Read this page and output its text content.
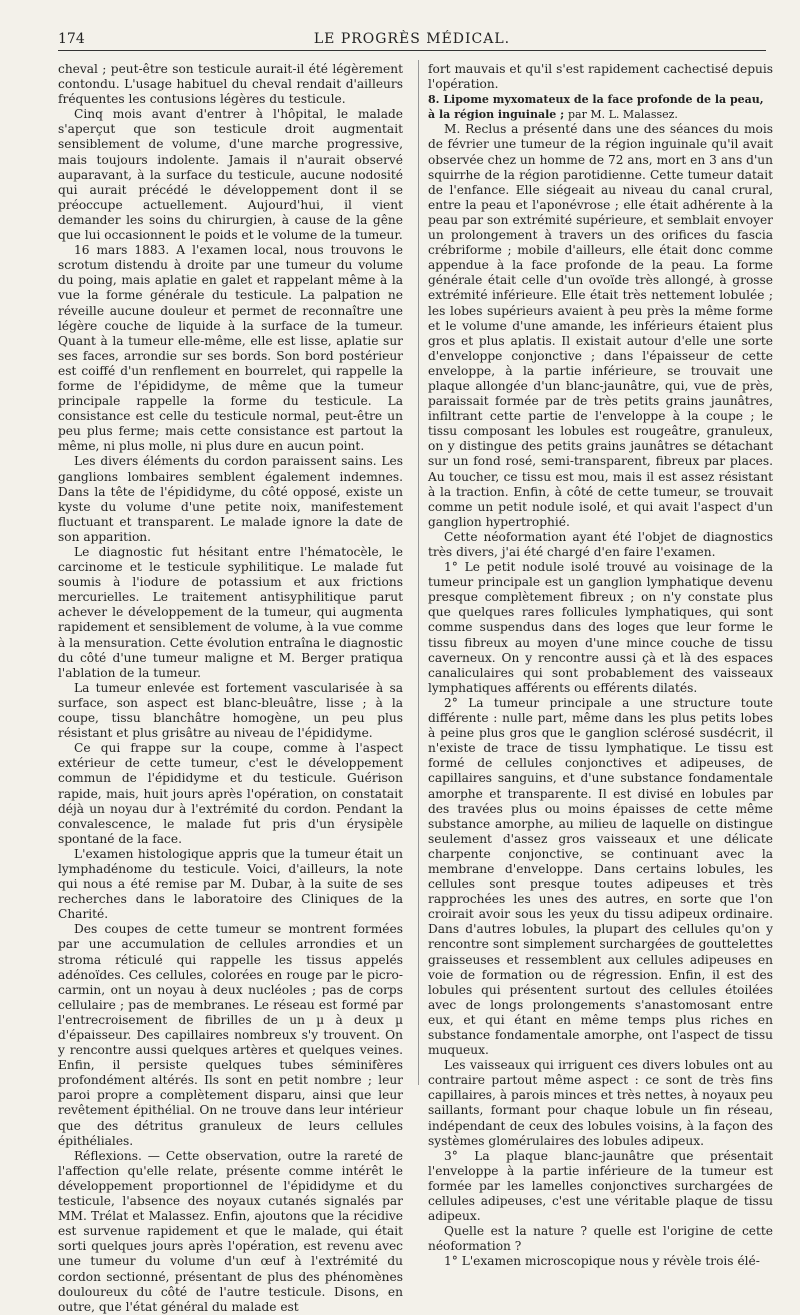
174	LE PROGRÈS MÉDICAL.

cheval ; peut-être son testicule aurait-il été légèrement contondu. L'usage habituel du cheval rendait d'ailleurs fréquentes les contusions légères du testicule.

Cinq mois avant d'entrer à l'hôpital, le malade s'aperçut que son testicule droit augmentait sensiblement de volume, d'une marche progressive, mais toujours indolente. Jamais il n'aurait observé auparavant, à la surface du testicule, aucune nodosité qui aurait précédé le développement dont il se préoccupe actuellement. Aujourd'hui, il vient demander les soins du chirurgien, à cause de la gêne que lui occasionnent le poids et le volume de la tumeur.

16 mars 1883. A l'examen local, nous trouvons le scrotum distendu à droite par une tumeur du volume du poing, mais aplatie en galet et rappelant même à la vue la forme générale du testicule. La palpation ne réveille aucune douleur et permet de reconnaître une légère couche de liquide à la surface de la tumeur. Quant à la tumeur elle-même, elle est lisse, aplatie sur ses faces, arrondie sur ses bords. Son bord postérieur est coiffé d'un renflement en bourrelet, qui rappelle la forme de l'épididyme, de même que la tumeur principale rappelle la forme du testicule. La consistance est celle du testicule normal, peut-être un peu plus ferme; mais cette consistance est partout la même, ni plus molle, ni plus dure en aucun point.

Les divers éléments du cordon paraissent sains. Les ganglions lombaires semblent également indemnes. Dans la tête de l'épididyme, du côté opposé, existe un kyste du volume d'une petite noix, manifestement fluctuant et transparent. Le malade ignore la date de son apparition.

Le diagnostic fut hésitant entre l'hématocèle, le carcinome et le testicule syphilitique. Le malade fut soumis à l'iodure de potassium et aux frictions mercurielles. Le traitement antisyphilitique parut achever le développement de la tumeur, qui augmenta rapidement et sensiblement de volume, à la vue comme à la mensuration. Cette évolution entraîna le diagnostic du côté d'une tumeur maligne et M. Berger pratiqua l'ablation de la tumeur.

La tumeur enlevée est fortement vascularisée à sa surface, son aspect est blanc-bleuâtre, lisse ; à la coupe, tissu blanchâtre homogène, un peu plus résistant et plus grisâtre au niveau de l'épididyme.

Ce qui frappe sur la coupe, comme à l'aspect extérieur de cette tumeur, c'est le développement commun de l'épididyme et du testicule. Guérison rapide, mais, huit jours après l'opération, on constatait déjà un noyau dur à l'extrémité du cordon. Pendant la convalescence, le malade fut pris d'un érysipèle spontané de la face.

L'examen histologique appris que la tumeur était un lymphadénome du testicule. Voici, d'ailleurs, la note qui nous a été remise par M. Dubar, à la suite de ses recherches dans le laboratoire des Cliniques de la Charité.

Des coupes de cette tumeur se montrent formées par une accumulation de cellules arrondies et un stroma réticulé qui rappelle les tissus appelés adénoïdes. Ces cellules, colorées en rouge par le picro-carmin, ont un noyau à deux nucléoles ; pas de corps cellulaire ; pas de membranes. Le réseau est formé par l'entrecroisement de fibrilles de un µ à deux µ d'épaisseur. Des capillaires nombreux s'y trouvent. On y rencontre aussi quelques artères et quelques veines. Enfin, il persiste quelques tubes séminifères profondément altérés. Ils sont en petit nombre ; leur paroi propre a complètement disparu, ainsi que leur revêtement épithélial. On ne trouve dans leur intérieur que des détritus granuleux de leurs cellules épithéliales.

Réflexions. — Cette observation, outre la rareté de l'affection qu'elle relate, présente comme intérêt le développement proportionnel de l'épididyme et du testicule, l'absence des noyaux cutanés signalés par MM. Trélat et Malassez. Enfin, ajoutons que la récidive est survenue rapidement et que le malade, qui était sorti quelques jours après l'opération, est revenu avec une tumeur du volume d'un œuf à l'extrémité du cordon sectionné, présentant de plus des phénomènes douloureux du côté de l'autre testicule. Disons, en outre, que l'état général du malade est

fort mauvais et qu'il s'est rapidement cachectisé depuis l'opération.

8. Lipome myxomateux de la face profonde de la peau, à la région inguinale ; par M. L. Malassez.

M. Reclus a présenté dans une des séances du mois de février une tumeur de la région inguinale qu'il avait observée chez un homme de 72 ans, mort en 3 ans d'un squirrhe de la région parotidienne. Cette tumeur datait de l'enfance. Elle siégeait au niveau du canal crural, entre la peau et l'aponévrose ; elle était adhérente à la peau par son extrémité supérieure, et semblait envoyer un prolongement à travers un des orifices du fascia crébriforme ; mobile d'ailleurs, elle était donc comme appendue à la face profonde de la peau. La forme générale était celle d'un ovoïde très allongé, à grosse extrémité inférieure. Elle était très nettement lobulée ; les lobes supérieurs avaient à peu près la même forme et le volume d'une amande, les inférieurs étaient plus gros et plus aplatis. Il existait autour d'elle une sorte d'enveloppe conjonctive ; dans l'épaisseur de cette enveloppe, à la partie inférieure, se trouvait une plaque allongée d'un blanc-jaunâtre, qui, vue de près, paraissait formée par de très petits grains jaunâtres, infiltrant cette partie de l'enveloppe à la coupe ; le tissu composant les lobules est rougeâtre, granuleux, on y distingue des petits grains jaunâtres se détachant sur un fond rosé, semi-transparent, fibreux par places. Au toucher, ce tissu est mou, mais il est assez résistant à la traction. Enfin, à côté de cette tumeur, se trouvait comme un petit nodule isolé, et qui avait l'aspect d'un ganglion hypertrophié.

Cette néoformation ayant été l'objet de diagnostics très divers, j'ai été chargé d'en faire l'examen.

1° Le petit nodule isolé trouvé au voisinage de la tumeur principale est un ganglion lymphatique devenu presque complètement fibreux ; on n'y constate plus que quelques rares follicules lymphatiques, qui sont comme suspendus dans des loges que leur forme le tissu fibreux au moyen d'une mince couche de tissu caverneux. On y rencontre aussi çà et là des espaces canaliculaires qui sont probablement des vaisseaux lymphatiques afférents ou efférents dilatés.

2° La tumeur principale a une structure toute différente : nulle part, même dans les plus petits lobes à peine plus gros que le ganglion sclérosé susdécrit, il n'existe de trace de tissu lymphatique. Le tissu est formé de cellules conjonctives et adipeuses, de capillaires sanguins, et d'une substance fondamentale amorphe et transparente. Il est divisé en lobules par des travées plus ou moins épaisses de cette même substance amorphe, au milieu de laquelle on distingue seulement d'assez gros vaisseaux et une délicate charpente conjonctive, se continuant avec la membrane d'enveloppe. Dans certains lobules, les cellules sont presque toutes adipeuses et très rapprochées les unes des autres, en sorte que l'on croirait avoir sous les yeux du tissu adipeux ordinaire. Dans d'autres lobules, la plupart des cellules qu'on y rencontre sont simplement surchargées de gouttelettes graisseuses et ressemblent aux cellules adipeuses en voie de formation ou de régression. Enfin, il est des lobules qui présentent surtout des cellules étoilées avec de longs prolongements s'anastomosant entre eux, et qui étant en même temps plus riches en substance fondamentale amorphe, ont l'aspect de tissu muqueux.

Les vaisseaux qui irriguent ces divers lobules ont au contraire partout même aspect : ce sont de très fins capillaires, à parois minces et très nettes, à noyaux peu saillants, formant pour chaque lobule un fin réseau, indépendant de ceux des lobules voisins, à la façon des systèmes glomérulaires des lobules adipeux.

3° La plaque blanc-jaunâtre que présentait l'enveloppe à la partie inférieure de la tumeur est formée par les lamelles conjonctives surchargées de cellules adipeuses, c'est une véritable plaque de tissu adipeux.

Quelle est la nature ? quelle est l'origine de cette néoformation ?

1° L'examen microscopique nous y révèle trois élé-
